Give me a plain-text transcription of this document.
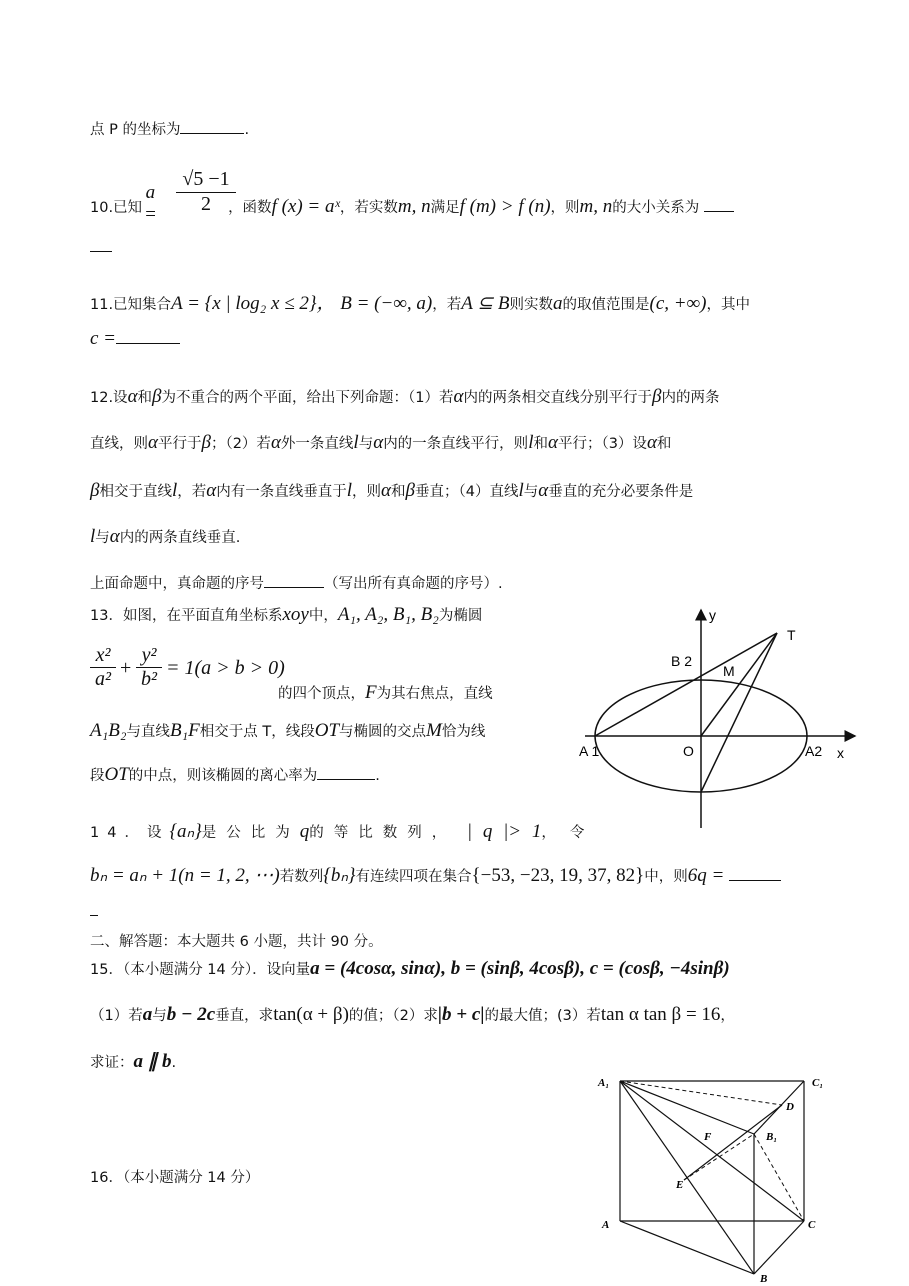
点 P 的坐标为	.
$a = \frac{√5 -1}{2}$
10.已知	，函数f (x) = aˣ，若实数m, n满足f (m) > f (n)，则m, n的大小关系为
11.已知集合A = {x | log₂ x ≤ 2}， B = (−∞, a)，若A ⊆ B则实数a的取值范围是(c, +∞)，其中
c =
12.设α和β为不重合的两个平面，给出下列命题：（1）若α内的两条相交直线分别平行于β内的两条
直线，则α平行于β；（2）若α外一条直线l与α内的一条直线平行，则l和α平行；（3）设α和
β相交于直线l，若α内有一条直线垂直于l，则α和β垂直；（4）直线l与α垂直的充分必要条件是
l与α内的两条直线垂直.
上面命题中，真命题的序号	（写出所有真命题的序号）.
13．如图，在平面直角坐标系xoy中，A₁, A₂, B₁, B₂为椭圆
x²
a² +
y²
b² = 1(a > b > 0)
的四个顶点，F为其右焦点，直线
A₁B₂与直线B₁F相交于点 T，线段OT与椭圆的交点M恰为线
段OT的中点，则该椭圆的离心率为	.
y
T
B 2
M
A 1	O	A2 x
14．设{aₙ}是公比为q的等比数列， | q |> 1，令
bₙ = aₙ + 1(n = 1, 2, ⋯)若数列{bₙ}有连续四项在集合{−53, −23, 19, 37, 82}中，则6q =
二、解答题：本大题共 6 小题，共计 90 分。
15．（本小题满分 14 分）．设向量a = (4cosα, sinα), b = (sinβ, 4cosβ), c = (cosβ, −4sinβ)
（1）若a与b − 2c垂直，求tan(α + β)的值；（2）求|b + c|的最大值；(3）若tan α tan β = 16，
求证：a ∥ b.
16．（本小题满分 14 分）
A₁	C₁
D
B₁
F
E
A	C
B
